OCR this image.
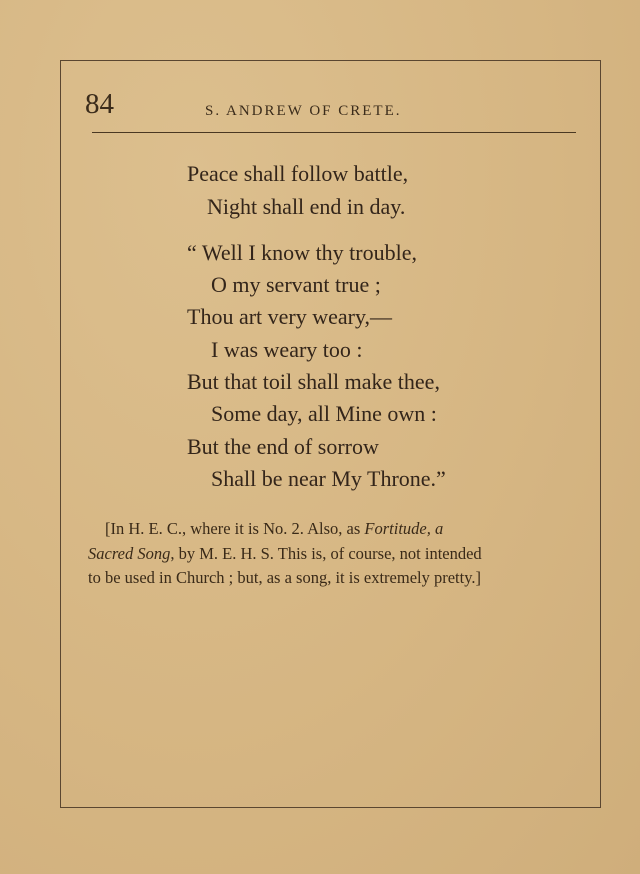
84	S. ANDREW OF CRETE.
Peace shall follow battle,
Night shall end in day.
“ Well I know thy trouble,
O my servant true ;
Thou art very weary,—
I was weary too :
But that toil shall make thee,
Some day, all Mine own :
But the end of sorrow
Shall be near My Throne.”
[In H. E. C., where it is No. 2. Also, as Fortitude, a
Sacred Song, by M. E. H. S. This is, of course, not intended
to be used in Church ; but, as a song, it is extremely pretty.]
